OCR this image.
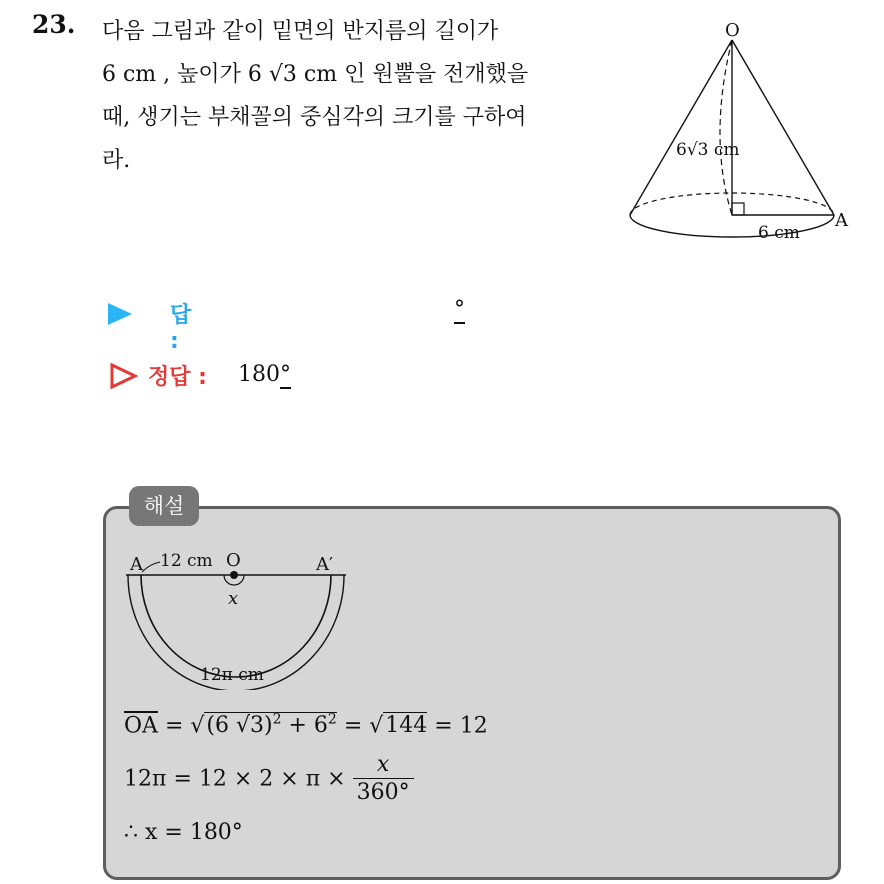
23. 다음 그림과 같이 밑면의 반지름의 길이가
6 cm , 높이가 6 √3 cm 인 원뿔을 전개했을
때, 생기는 부채꼴의 중심각의 크기를 구하여
라.
O
A
6√3 cm
6 cm
답 :
°
정답 : 180°
해설
A 12 cm O	A′
x
12π cm
$\overline{OA} = √(6$ $√3)^2 + 6^2 = √144 = 12$
$12\pi = 12 \times 2 \times \pi \times \frac{x}{360^\circ}$
∴ x = 180°
